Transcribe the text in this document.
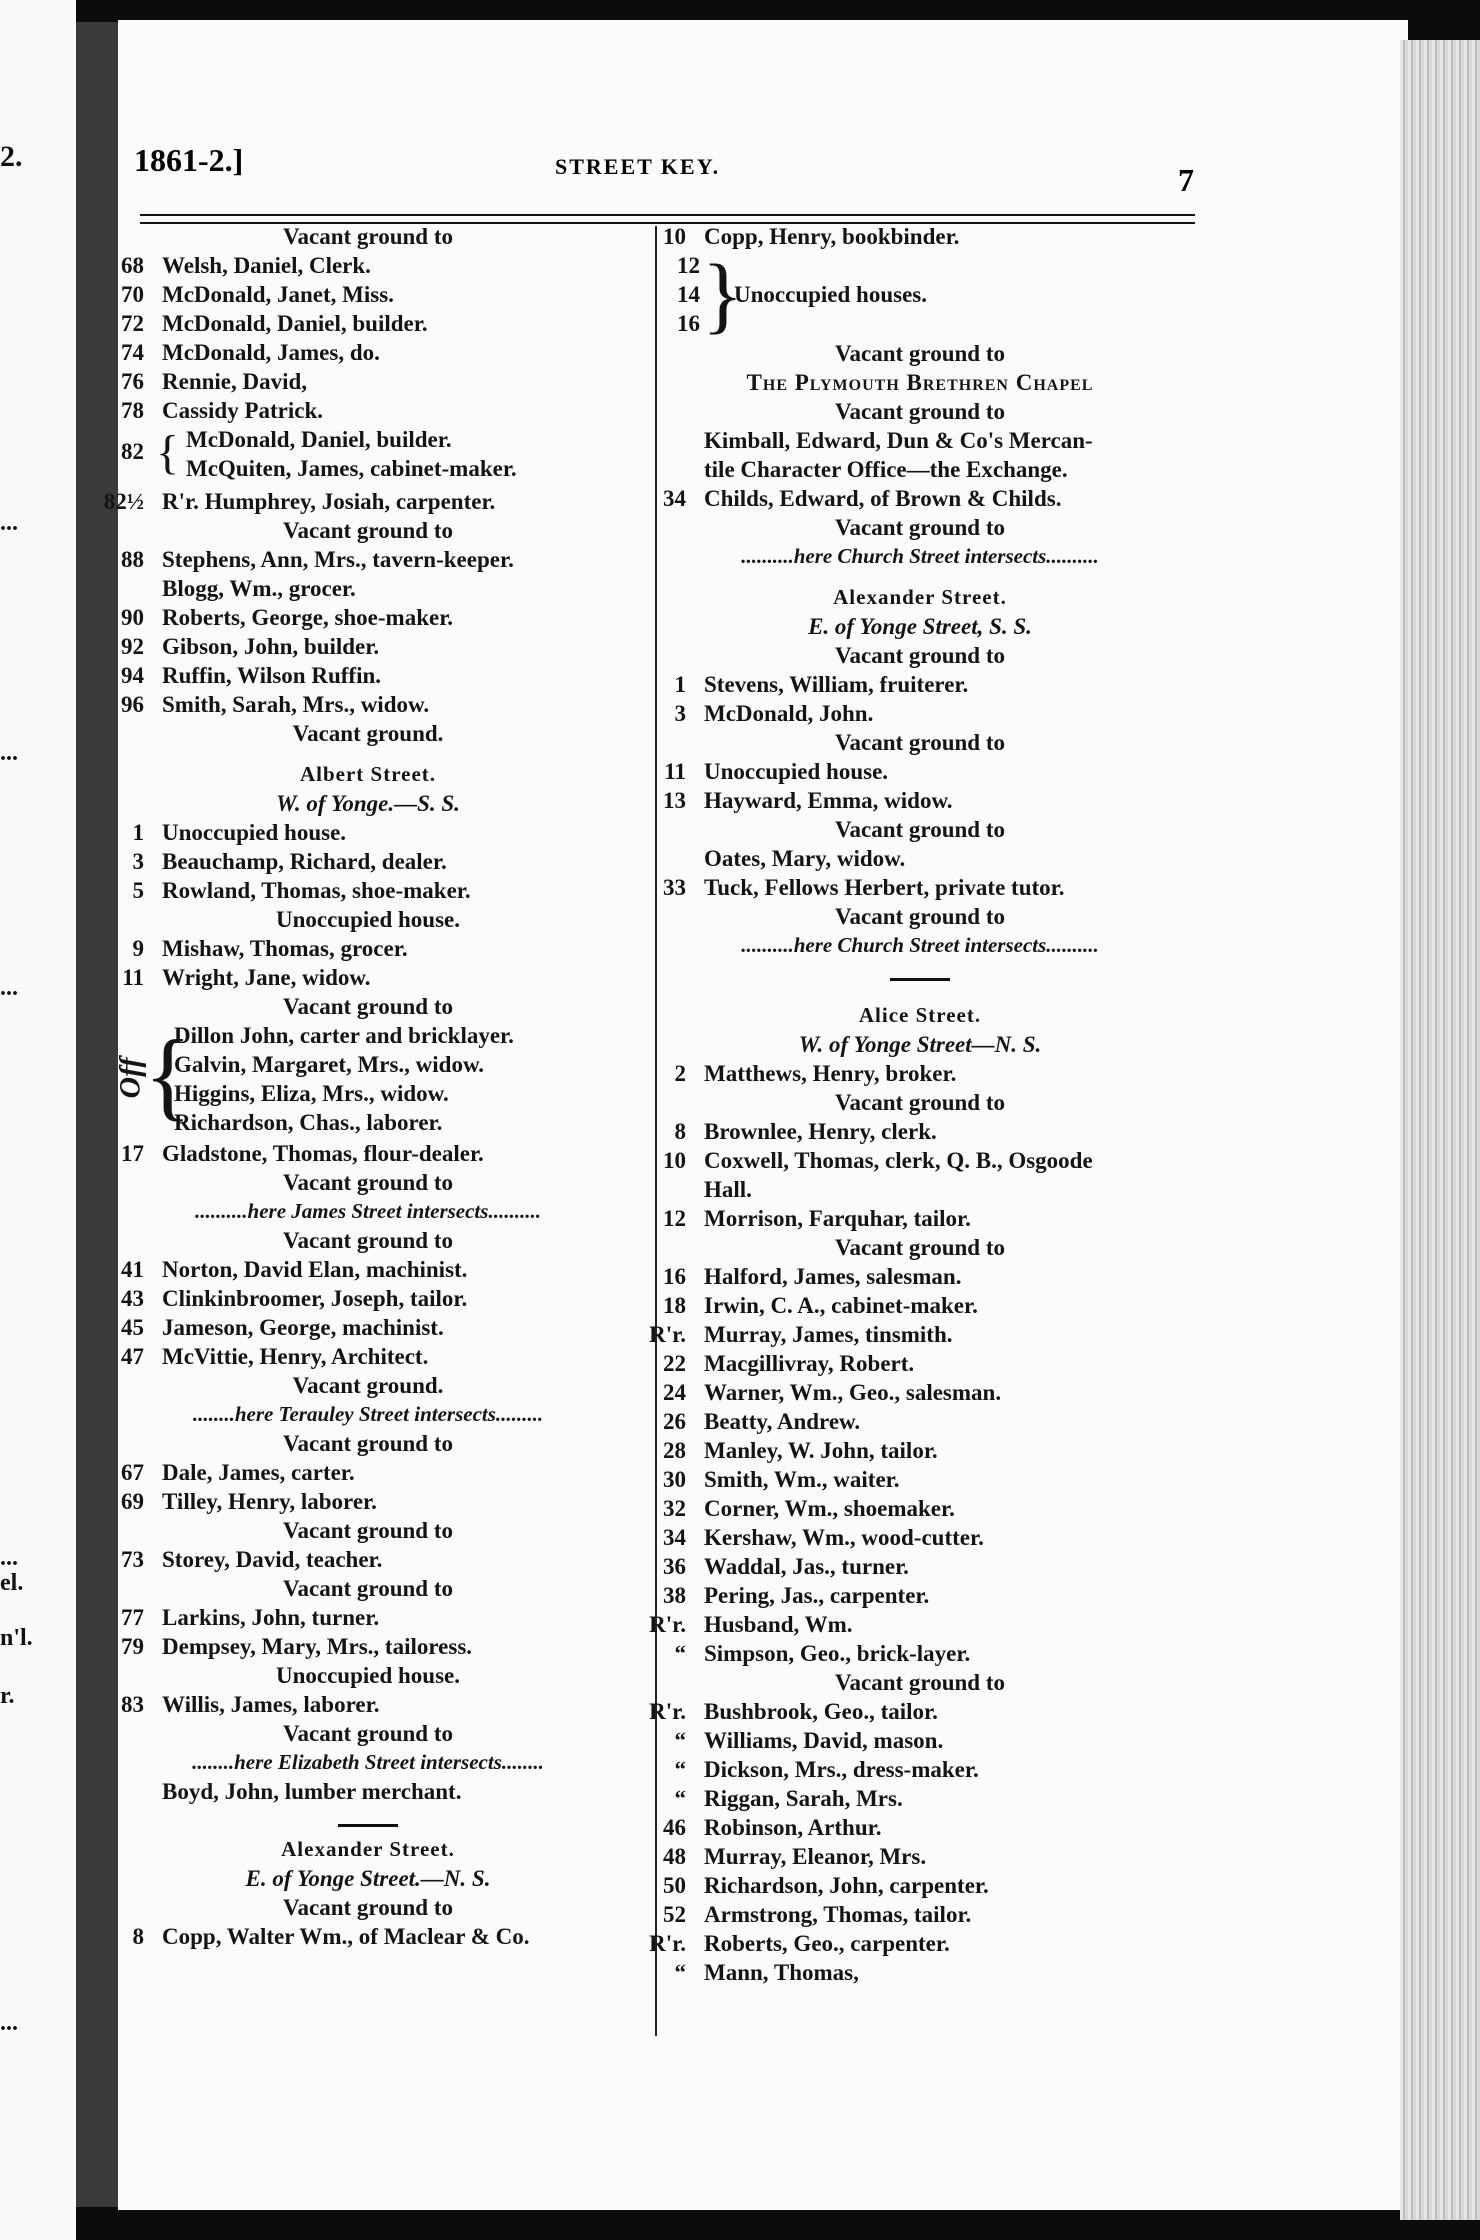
2.
...
...
...
...
el.
n'l.
r.
...
1861-2.]	STREET KEY.	7
Vacant ground to
68 Welsh, Daniel, Clerk.
70 McDonald, Janet, Miss.
72 McDonald, Daniel, builder.
74 McDonald, James, do.
76 Rennie, David,
78 Cassidy Patrick.
82 { McDonald, Daniel, builder.
McQuiten, James, cabinet-maker.
82½ R'r. Humphrey, Josiah, carpenter.
Vacant ground to
88 Stephens, Ann, Mrs., tavern-keeper.
Blogg, Wm., grocer.
90 Roberts, George, shoe-maker.
92 Gibson, John, builder.
94 Ruffin, Wilson Ruffin.
96 Smith, Sarah, Mrs., widow.
Vacant ground.
Albert Street.
W. of Yonge.—S. S.
1 Unoccupied house.
3 Beauchamp, Richard, dealer.
5 Rowland, Thomas, shoe-maker.
Unoccupied house.
9 Mishaw, Thomas, grocer.
11 Wright, Jane, widow.
Vacant ground to
Off
{
Dillon John, carter and bricklayer.
Galvin, Margaret, Mrs., widow.
Higgins, Eliza, Mrs., widow.
Richardson, Chas., laborer.
17 Gladstone, Thomas, flour-dealer.
Vacant ground to
..........here James Street intersects..........
Vacant ground to
41 Norton, David Elan, machinist.
43 Clinkinbroomer, Joseph, tailor.
45 Jameson, George, machinist.
47 McVittie, Henry, Architect.
Vacant ground.
........here Terauley Street intersects.........
Vacant ground to
67 Dale, James, carter.
69 Tilley, Henry, laborer.
Vacant ground to
73 Storey, David, teacher.
Vacant ground to
77 Larkins, John, turner.
79 Dempsey, Mary, Mrs., tailoress.
Unoccupied house.
83 Willis, James, laborer.
Vacant ground to
........here Elizabeth Street intersects........
Boyd, John, lumber merchant.
Alexander Street.
E. of Yonge Street.—N. S.
Vacant ground to
8 Copp, Walter Wm., of Maclear & Co.
10 Copp, Henry, bookbinder.
12
14
16 }
Unoccupied houses.
Vacant ground to
The Plymouth Brethren Chapel
Vacant ground to
Kimball, Edward, Dun & Co's Mercan-
tile Character Office—the Exchange.
34 Childs, Edward, of Brown & Childs.
Vacant ground to
..........here Church Street intersects..........
Alexander Street.
E. of Yonge Street, S. S.
Vacant ground to
1 Stevens, William, fruiterer.
3 McDonald, John.
Vacant ground to
11 Unoccupied house.
13 Hayward, Emma, widow.
Vacant ground to
Oates, Mary, widow.
33 Tuck, Fellows Herbert, private tutor.
Vacant ground to
..........here Church Street intersects..........
Alice Street.
W. of Yonge Street—N. S.
2 Matthews, Henry, broker.
Vacant ground to
8 Brownlee, Henry, clerk.
10 Coxwell, Thomas, clerk, Q. B., Osgoode
Hall.
12 Morrison, Farquhar, tailor.
Vacant ground to
16 Halford, James, salesman.
18 Irwin, C. A., cabinet-maker.
R'r. Murray, James, tinsmith.
22 Macgillivray, Robert.
24 Warner, Wm., Geo., salesman.
26 Beatty, Andrew.
28 Manley, W. John, tailor.
30 Smith, Wm., waiter.
32 Corner, Wm., shoemaker.
34 Kershaw, Wm., wood-cutter.
36 Waddal, Jas., turner.
38 Pering, Jas., carpenter.
R'r. Husband, Wm.
“ Simpson, Geo., brick-layer.
Vacant ground to
R'r. Bushbrook, Geo., tailor.
“ Williams, David, mason.
“ Dickson, Mrs., dress-maker.
“ Riggan, Sarah, Mrs.
46 Robinson, Arthur.
48 Murray, Eleanor, Mrs.
50 Richardson, John, carpenter.
52 Armstrong, Thomas, tailor.
R'r. Roberts, Geo., carpenter.
“ Mann, Thomas,
